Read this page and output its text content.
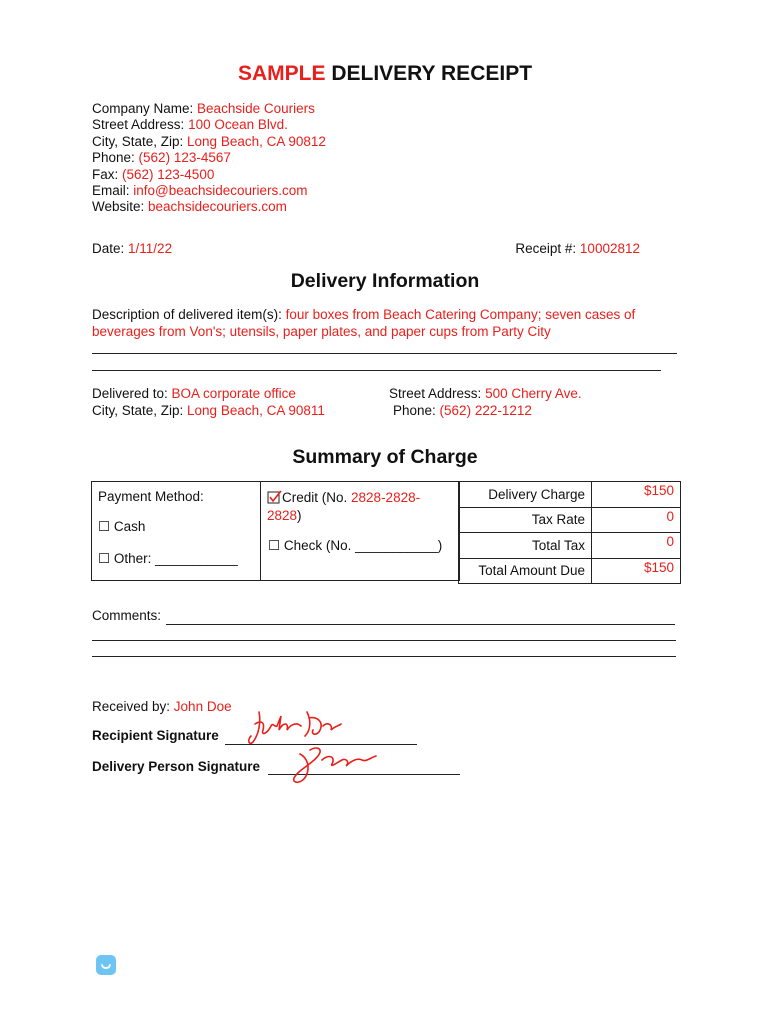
SAMPLE DELIVERY RECEIPT
Company Name: Beachside Couriers
Street Address: 100 Ocean Blvd.
City, State, Zip: Long Beach, CA 90812
Phone: (562) 123-4567
Fax: (562) 123-4500
Email: info@beachsidecouriers.com
Website: beachsidecouriers.com
Date: 1/11/22	Receipt #: 10002812
Delivery Information
Description of delivered item(s): four boxes from Beach Catering Company; seven cases of beverages from Von's; utensils, paper plates, and paper cups from Party City
Delivered to: BOA corporate office
City, State, Zip: Long Beach, CA 90811
Street Address: 500 Cherry Ave.
Phone: (562) 222-1212
Summary of Charge
Payment Method:
☐ Cash
☐ Other: ___________
Credit (No. 2828-2828-2828)
☐ Check (No. ___________)
Delivery Charge	$150
Tax Rate	0
Total Tax	0
Total Amount Due	$150
Comments:
Received by: John Doe
Recipient Signature
Delivery Person Signature
